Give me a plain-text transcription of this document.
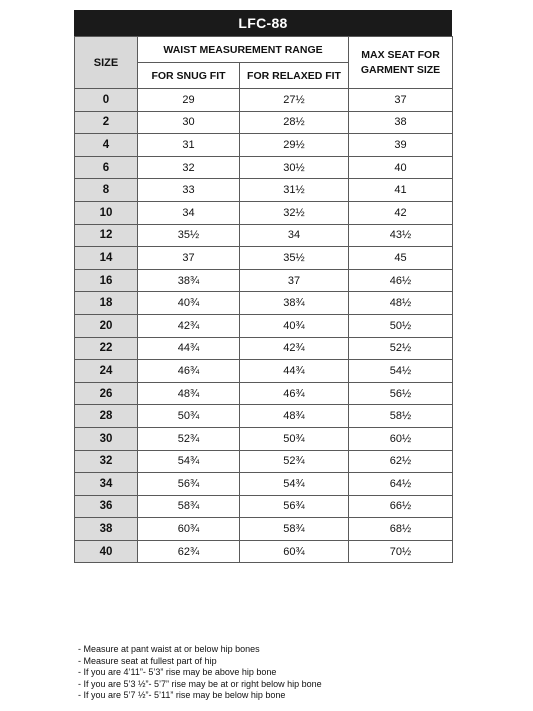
LFC-88
SIZE	WAIST MEASUREMENT RANGE		MAX SEAT FOR GARMENT SIZE
	FOR SNUG FIT	FOR RELAXED FIT	
0	29	27½	37
2	30	28½	38
4	31	29½	39
6	32	30½	40
8	33	31½	41
10	34	32½	42
12	35½	34	43½
14	37	35½	45
16	38¾	37	46½
18	40¾	38¾	48½
20	42¾	40¾	50½
22	44¾	42¾	52½
24	46¾	44¾	54½
26	48¾	46¾	56½
28	50¾	48¾	58½
30	52¾	50¾	60½
32	54¾	52¾	62½
34	56¾	54¾	64½
36	58¾	56¾	66½
38	60¾	58¾	68½
40	62¾	60¾	70½
- Measure at pant waist at or below hip bones
- Measure seat at fullest part of hip
- If you are 4’11”- 5’3” rise may be above hip bone
- If you are 5’3 ½”- 5’7” rise may be at or right below hip bone
- If you are 5’7 ½”- 5’11” rise may be below hip bone
